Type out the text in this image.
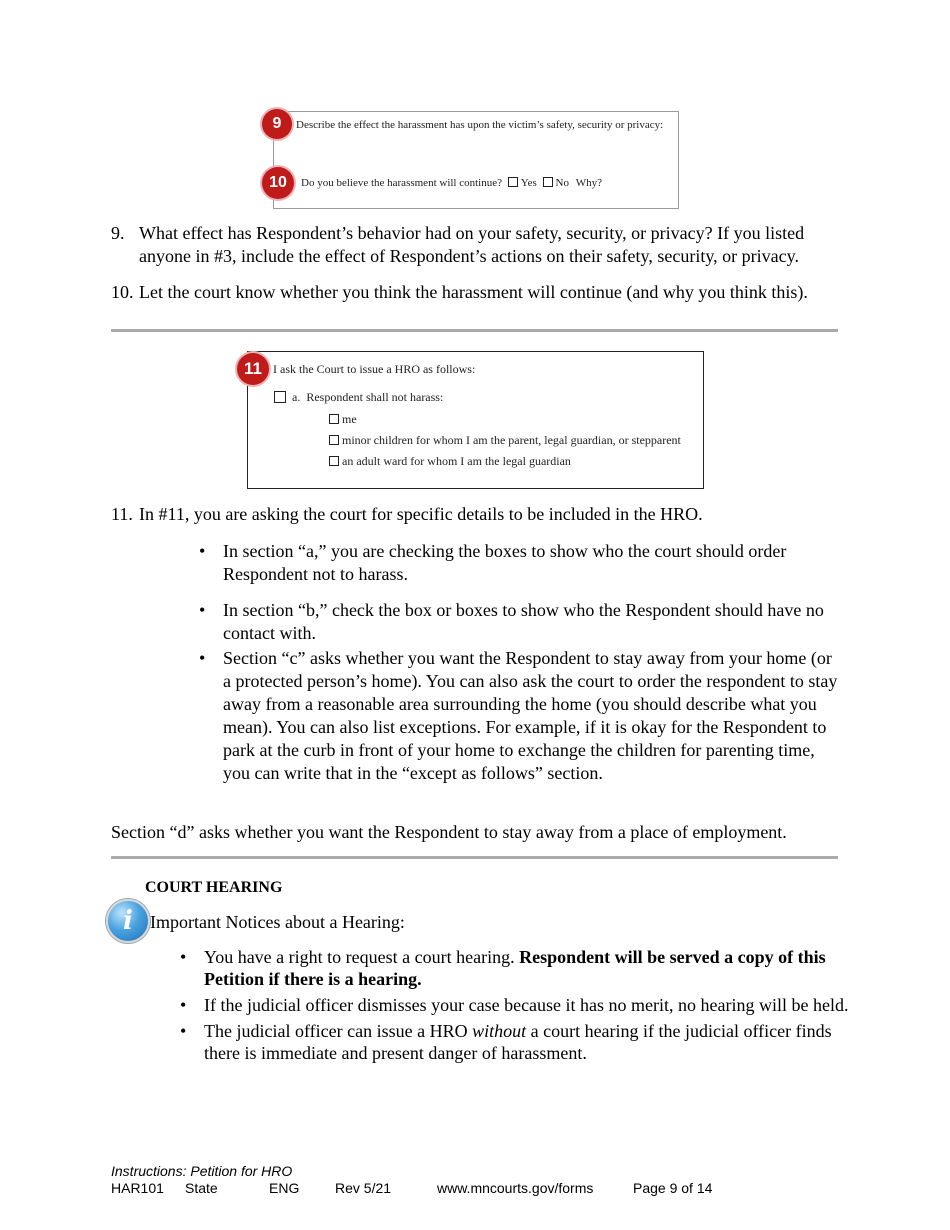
Describe the effect the harassment has upon the victim’s safety, security or privacy:
Do you believe the harassment will continue? Yes No Why?
9
10
9. What effect has Respondent’s behavior had on your safety, security, or privacy? If you listed anyone in #3, include the effect of Respondent’s actions on their safety, security, or privacy.
10. Let the court know whether you think the harassment will continue (and why you think this).
I ask the Court to issue a HRO as follows:
a. Respondent shall not harass:
me
minor children for whom I am the parent, legal guardian, or stepparent
an adult ward for whom I am the legal guardian
11
11. In #11, you are asking the court for specific details to be included in the HRO.
• In section “a,” you are checking the boxes to show who the court should order Respondent not to harass.
• In section “b,” check the box or boxes to show who the Respondent should have no contact with.
• Section “c” asks whether you want the Respondent to stay away from your home (or a protected person’s home). You can also ask the court to order the respondent to stay away from a reasonable area surrounding the home (you should describe what you mean). You can also list exceptions. For example, if it is okay for the Respondent to park at the curb in front of your home to exchange the children for parenting time, you can write that in the “except as follows” section.
Section “d” asks whether you want the Respondent to stay away from a place of employment.
COURT HEARING
i Important Notices about a Hearing:
• You have a right to request a court hearing. Respondent will be served a copy of this Petition if there is a hearing.
• If the judicial officer dismisses your case because it has no merit, no hearing will be held.
• The judicial officer can issue a HRO without a court hearing if the judicial officer finds there is immediate and present danger of harassment.
Instructions: Petition for HRO
HAR101 State	ENG	Rev 5/21	www.mncourts.gov/forms	Page 9 of 14
